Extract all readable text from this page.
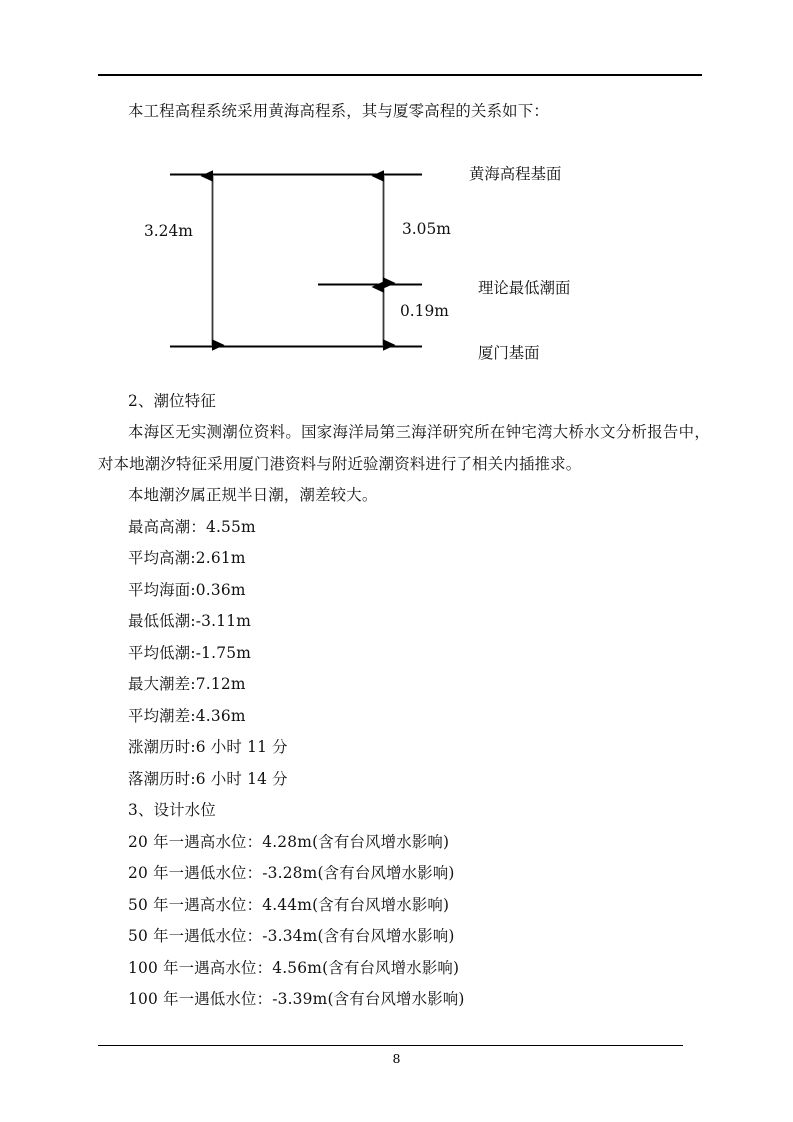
3.24m	3.05m
0.19m
黄海高程基面
理论最低潮面
厦门基面
本工程高程系统采用黄海高程系，其与厦零高程的关系如下：
2、潮位特征
本海区无实测潮位资料。国家海洋局第三海洋研究所在钟宅湾大桥水文分析报告中，对本地潮汐特征采用厦门港资料与附近验潮资料进行了相关内插推求。
本地潮汐属正规半日潮，潮差较大。
最高高潮：4.55m
平均高潮:2.61m
平均海面:0.36m
最低低潮:-3.11m
平均低潮:-1.75m
最大潮差:7.12m
平均潮差:4.36m
涨潮历时:6 小时 11 分
落潮历时:6 小时 14 分
3、设计水位
20 年一遇高水位：4.28m(含有台风增水影响)
20 年一遇低水位：-3.28m(含有台风增水影响)
50 年一遇高水位：4.44m(含有台风增水影响)
50 年一遇低水位：-3.34m(含有台风增水影响)
100 年一遇高水位：4.56m(含有台风增水影响)
100 年一遇低水位：-3.39m(含有台风增水影响)
8
